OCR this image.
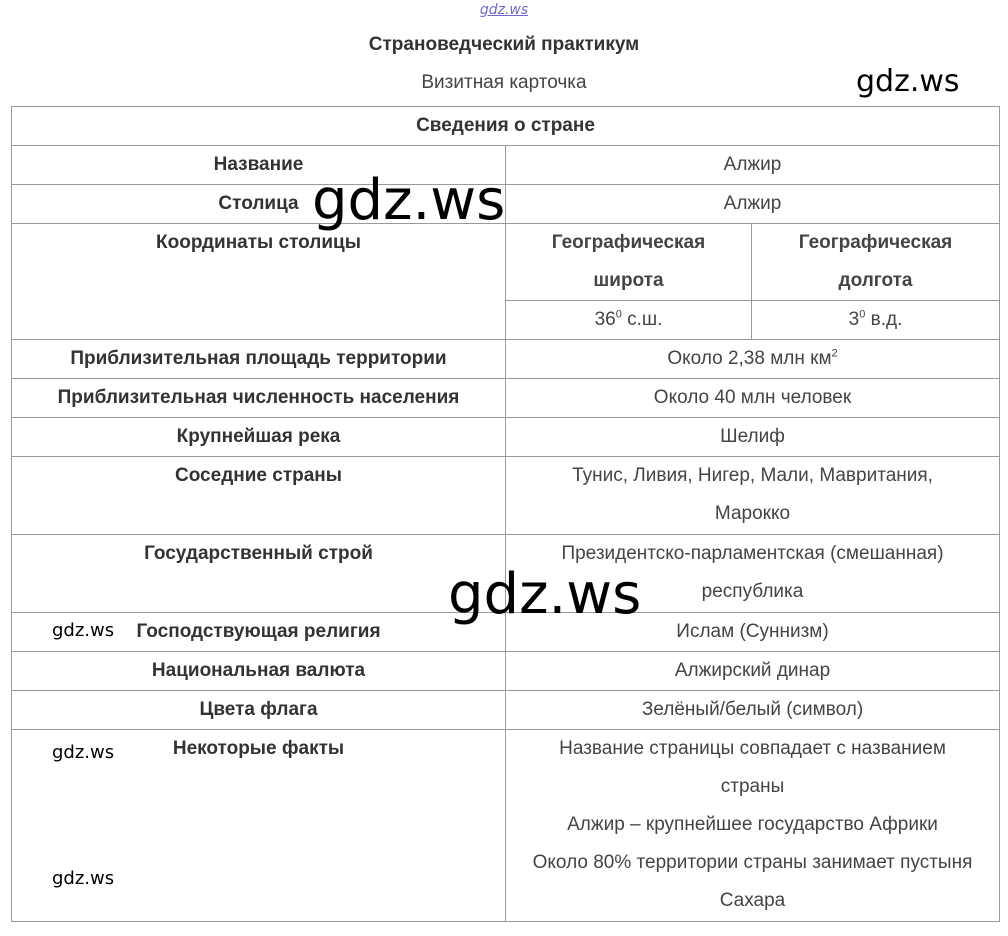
gdz.ws
Страноведческий практикум
Визитная карточка	gdz.ws
gdz.ws
gdz.ws
gdz.ws
gdz.ws
gdz.ws
Сведения о стране		
Название	Алжир	
Столица	Алжир	
Координаты столицы	Географическая широта	Географическая долгота
	$36^0$ с.ш.	$3^0$ в.д.
Приблизительная площадь территории	Около 2,38 млн $км^2$
Приблизительная численность населения	Около 40 млн человек	
Крупнейшая река	Шелиф	
Соседние страны	Тунис, Ливия, Нигер, Мали, Мавритания, Марокко	
Государственный строй	Президентско-парламентская (смешанная) республика	
Господствующая религия	Ислам (Суннизм)	
Национальная валюта	Алжирский динар	
Цвета флага	Зелёный/белый (символ)	
Некоторые факты	Название страницы совпадает с названием страны
Алжир – крупнейшее государство Африки
Около 80% территории страны занимает пустыня Сахара	
